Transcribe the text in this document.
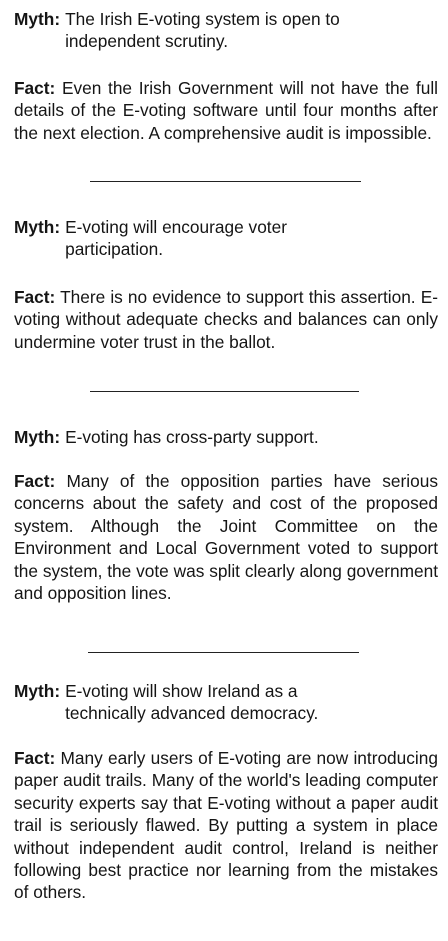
Myth: The Irish E-voting system is open to independent scrutiny.
Fact: Even the Irish Government will not have the full details of the E-voting software until four months after the next election. A comprehensive audit is impossible.
Myth: E-voting will encourage voter participation.
Fact: There is no evidence to support this assertion. E-voting without adequate checks and balances can only undermine voter trust in the ballot.
Myth: E-voting has cross-party support.
Fact: Many of the opposition parties have serious concerns about the safety and cost of the proposed system. Although the Joint Committee on the Environment and Local Government voted to support the system, the vote was split clearly along government and opposition lines.
Myth: E-voting will show Ireland as a technically advanced democracy.
Fact: Many early users of E-voting are now introducing paper audit trails. Many of the world's leading computer security experts say that E-voting without a paper audit trail is seriously flawed. By putting a system in place without independent audit control, Ireland is neither following best practice nor learning from the mistakes of others.
